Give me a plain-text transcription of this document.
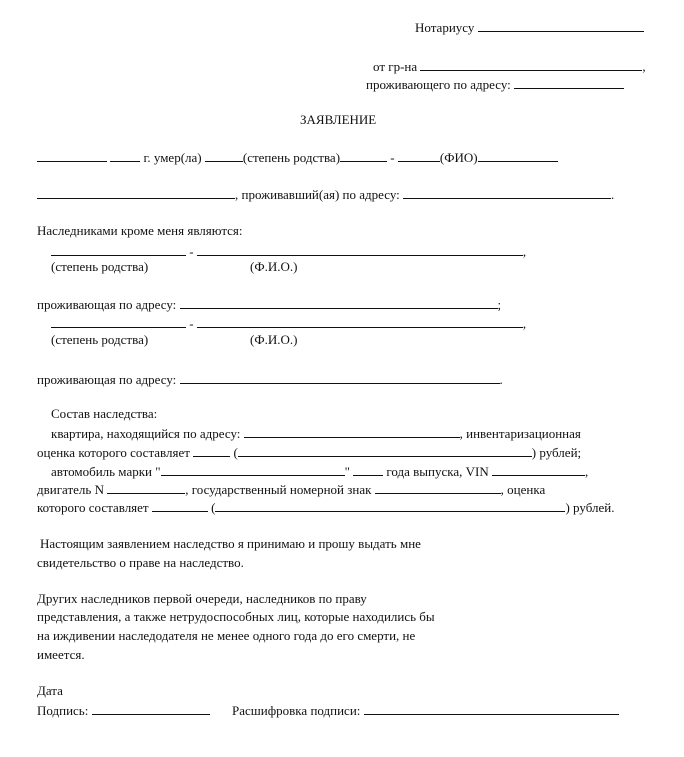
Нотариусу
от гр-на	,
проживающего по адресу:
ЗАЯВЛЕНИЕ
г. умер(ла)	(степень родства)	-	(ФИО)
, проживавший(ая) по адресу:	.
Наследниками кроме меня являются:
-	,
(степень родства)	(Ф.И.О.)
проживающая по адресу:	;
-	,
(степень родства)	(Ф.И.О.)
проживающая по адресу:	.
Состав наследства:
квартира, находящийся по адресу:	, инвентаризационная
оценка которого составляет	(	) рублей;
автомобиль марки "	"	года выпуска, VIN	,
двигатель N	, государственный номерной знак	, оценка
которого составляет	(	) рублей.
Настоящим заявлением наследство я принимаю и прошу выдать мне
свидетельство о праве на наследство.
Других наследников первой очереди, наследников по праву
представления, а также нетрудоспособных лиц, которые находились бы
на иждивении наследодателя не менее одного года до его смерти, не
имеется.
Дата
Подпись:	Расшифровка подписи:
